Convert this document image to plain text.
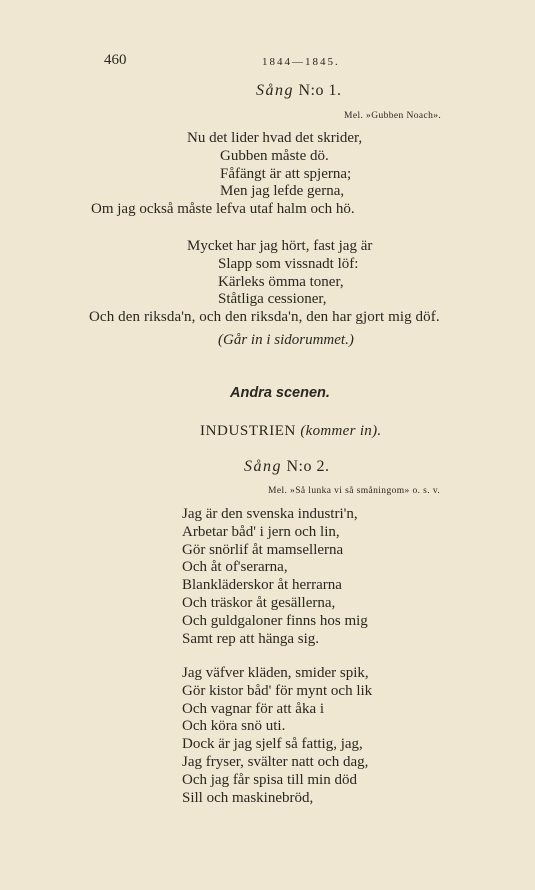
460	1844—1845.
Sång N:o 1.
Mel. »Gubben Noach».
Nu det lider hvad det skrider,
Gubben måste dö.
Fåfängt är att spjerna;
Men jag lefde gerna,
Om jag också måste lefva utaf halm och hö.
Mycket har jag hört, fast jag är
Slapp som vissnadt löf:
Kärleks ömma toner,
Ståtliga cessioner,
Och den riksda'n, och den riksda'n, den har gjort mig döf.
(Går in i sidorummet.)
Andra scenen.
INDUSTRIEN (kommer in).
Sång N:o 2.
Mel. »Så lunka vi så småningom» o. s. v.
Jag är den svenska industri'n,
Arbetar båd' i jern och lin,
Gör snörlif åt mamsellerna
Och åt of'serarna,
Blankläderskor åt herrarna
Och träskor åt gesällerna,
Och guldgaloner finns hos mig
Samt rep att hänga sig.
Jag väfver kläden, smider spik,
Gör kistor båd' för mynt och lik
Och vagnar för att åka i
Och köra snö uti.
Dock är jag sjelf så fattig, jag,
Jag fryser, svälter natt och dag,
Och jag får spisa till min död
Sill och maskinebröd,
